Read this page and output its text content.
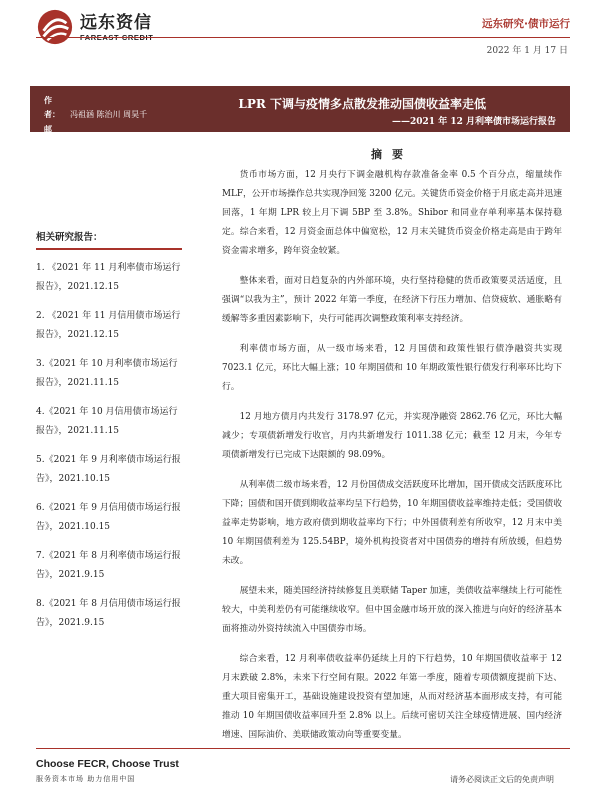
远东资信
FAREAST CREDIT
远东研究·债市运行
2022 年 1 月 17 日
作 者： 冯祖涵 陈治川 周昊千
邮 箱： research@fecr.com.cn
LPR 下调与疫情多点散发推动国债收益率走低
——2021 年 12 月利率债市场运行报告
相关研究报告：
1. 《2021 年 11 月利率债市场运行报告》，2021.12.15
2. 《2021 年 11 月信用债市场运行报告》，2021.12.15
3.《2021 年 10 月利率债市场运行报告》，2021.11.15
4.《2021 年 10 月信用债市场运行报告》，2021.11.15
5.《2021 年 9 月利率债市场运行报告》，2021.10.15
6.《2021 年 9 月信用债市场运行报告》，2021.10.15
7.《2021 年 8 月利率债市场运行报告》，2021.9.15
8.《2021 年 8 月信用债市场运行报告》，2021.9.15
摘要

货币市场方面，12 月央行下调金融机构存款准备金率 0.5 个百分点，缩量续作 MLF，公开市场操作总共实现净回笼 3200 亿元。关键货币资金价格于月底走高并迅速回落，1 年期 LPR 较上月下调 5BP 至 3.8%。Shibor 和同业存单利率基本保持稳定。综合来看，12 月资金面总体中偏宽松，12 月末关键货币资金价格走高是由于跨年资金需求增多，跨年资金较紧。

整体来看，面对日趋复杂的内外部环境，央行坚持稳健的货币政策要灵活适度，且强调“以我为主”，预计 2022 年第一季度，在经济下行压力增加、信贷疲软、通胀略有缓解等多重因素影响下，央行可能再次调整政策利率支持经济。

利率债市场方面，从一级市场来看，12 月国债和政策性银行债净融资共实现 7023.1 亿元，环比大幅上涨；10 年期国债和 10 年期政策性银行债发行利率环比均下行。

12 月地方债月内共发行 3178.97 亿元，并实现净融资 2862.76 亿元，环比大幅减少；专项债新增发行收官，月内共新增发行 1011.38 亿元；截至 12 月末，今年专项债新增发行已完成下达限额的 98.09%。

从利率债二级市场来看，12 月份国债成交活跃度环比增加，国开债成交活跃度环比下降；国债和国开债到期收益率均呈下行趋势，10 年期国债收益率维持走低；受国债收益率走势影响，地方政府债到期收益率均下行；中外国债利差有所收窄，12 月末中美 10 年期国债利差为 125.54BP，境外机构投资者对中国债券的增持有所放缓，但趋势未改。

展望未来，随美国经济持续修复且美联储 Taper 加速，美债收益率继续上行可能性较大，中美利差仍有可能继续收窄。但中国金融市场开放的深入推进与向好的经济基本面将推动外资持续流入中国债券市场。

综合来看，12 月利率债收益率仍延续上月的下行趋势，10 年期国债收益率于 12 月末跌破 2.8%，未来下行空间有限。2022 年第一季度，随着专项债额度提前下达、重大项目密集开工，基础设施建设投资有望加速，从而对经济基本面形成支持，有可能推动 10 年期国债收益率回升至 2.8% 以上。后续可密切关注全球疫情进展、国内经济增速、国际油价、美联储政策动向等重要变量。

Choose FECR, Choose Trust
服务资本市场 助力信用中国	请务必阅读正文后的免责声明
